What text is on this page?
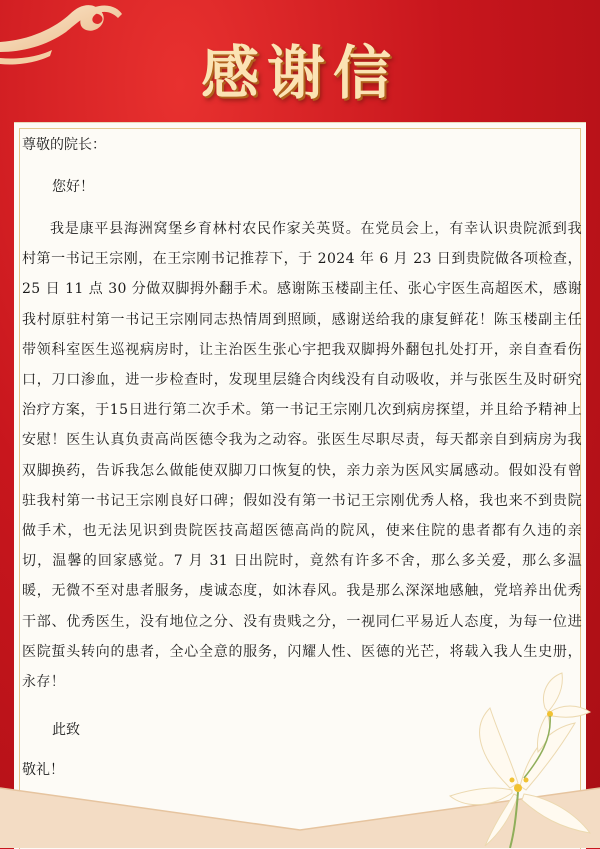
感谢信
尊敬的院长：
您好！
我是康平县海洲窝堡乡育林村农民作家关英贤。在党员会上，有幸认识贵院派到我村第一书记王宗刚，在王宗刚书记推荐下，于 2024 年 6 月 23 日到贵院做各项检查，25 日 11 点 30 分做双脚拇外翻手术。感谢陈玉楼副主任、张心宇医生高超医术，感谢我村原驻村第一书记王宗刚同志热情周到照顾，感谢送给我的康复鲜花！陈玉楼副主任带领科室医生巡视病房时，让主治医生张心宇把我双脚拇外翻包扎处打开，亲自查看伤口，刀口渗血，进一步检查时，发现里层缝合肉线没有自动吸收，并与张医生及时研究治疗方案，于15日进行第二次手术。第一书记王宗刚几次到病房探望，并且给予精神上安慰！医生认真负责高尚医德令我为之动容。张医生尽职尽责，每天都亲自到病房为我双脚换药，告诉我怎么做能使双脚刀口恢复的快，亲力亲为医风实属感动。假如没有曾驻我村第一书记王宗刚良好口碑；假如没有第一书记王宗刚优秀人格，我也来不到贵院做手术，也无法见识到贵院医技高超医德高尚的院风，使来住院的患者都有久违的亲切，温馨的回家感觉。7 月 31 日出院时，竟然有许多不舍，那么多关爱，那么多温暖，无微不至对患者服务，虔诚态度，如沐春风。我是那么深深地感触，党培养出优秀干部、优秀医生，没有地位之分、没有贵贱之分，一视同仁平易近人态度，为每一位进医院蜇头转向的患者，全心全意的服务，闪耀人性、医德的光芒，将载入我人生史册，永存！
此致
敬礼！
